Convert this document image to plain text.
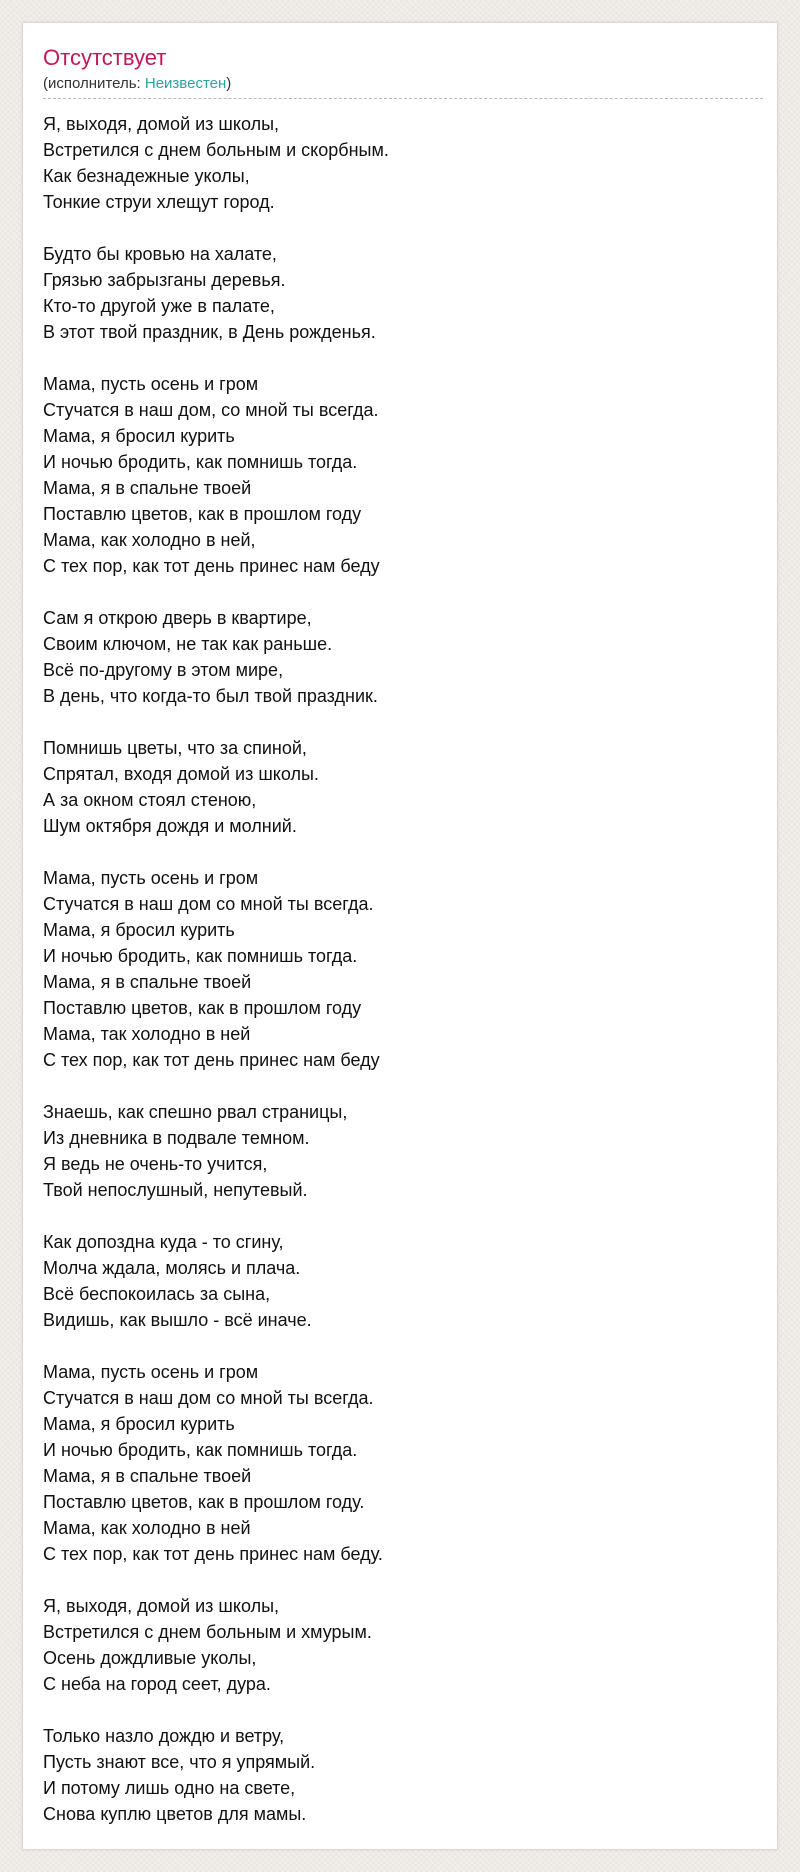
Отсутствует
(исполнитель: Неизвестен)
Я, выходя, домой из школы,
Встретился с днем больным и скорбным.
Как безнадежные уколы,
Тонкие струи хлещут город.
Будто бы кровью на халате,
Грязью забрызганы деревья.
Кто-то другой уже в палате,
В этот твой праздник, в День рожденья.
Мама, пусть осень и гром
Стучатся в наш дом, со мной ты всегда.
Мама, я бросил курить
И ночью бродить, как помнишь тогда.
Мама, я в спальне твоей
Поставлю цветов, как в прошлом году
Мама, как холодно в ней,
С тех пор, как тот день принес нам беду
Сам я открою дверь в квартире,
Своим ключом, не так как раньше.
Всё по-другому в этом мире,
В день, что когда-то был твой праздник.
Помнишь цветы, что за спиной,
Спрятал, входя домой из школы.
А за окном стоял стеною,
Шум октября дождя и молний.
Мама, пусть осень и гром
Стучатся в наш дом со мной ты всегда.
Мама, я бросил курить
И ночью бродить, как помнишь тогда.
Мама, я в спальне твоей
Поставлю цветов, как в прошлом году
Мама, так холодно в ней
С тех пор, как тот день принес нам беду
Знаешь, как спешно рвал страницы,
Из дневника в подвале темном.
Я ведь не очень-то учится,
Твой непослушный, непутевый.
Как допоздна куда - то сгину,
Молча ждала, молясь и плача.
Всё беспокоилась за сына,
Видишь, как вышло - всё иначе.
Мама, пусть осень и гром
Стучатся в наш дом со мной ты всегда.
Мама, я бросил курить
И ночью бродить, как помнишь тогда.
Мама, я в спальне твоей
Поставлю цветов, как в прошлом году.
Мама, как холодно в ней
С тех пор, как тот день принес нам беду.
Я, выходя, домой из школы,
Встретился с днем больным и хмурым.
Осень дождливые уколы,
С неба на город сеет, дура.
Только назло дождю и ветру,
Пусть знают все, что я упрямый.
И потому лишь одно на свете,
Снова куплю цветов для мамы.
